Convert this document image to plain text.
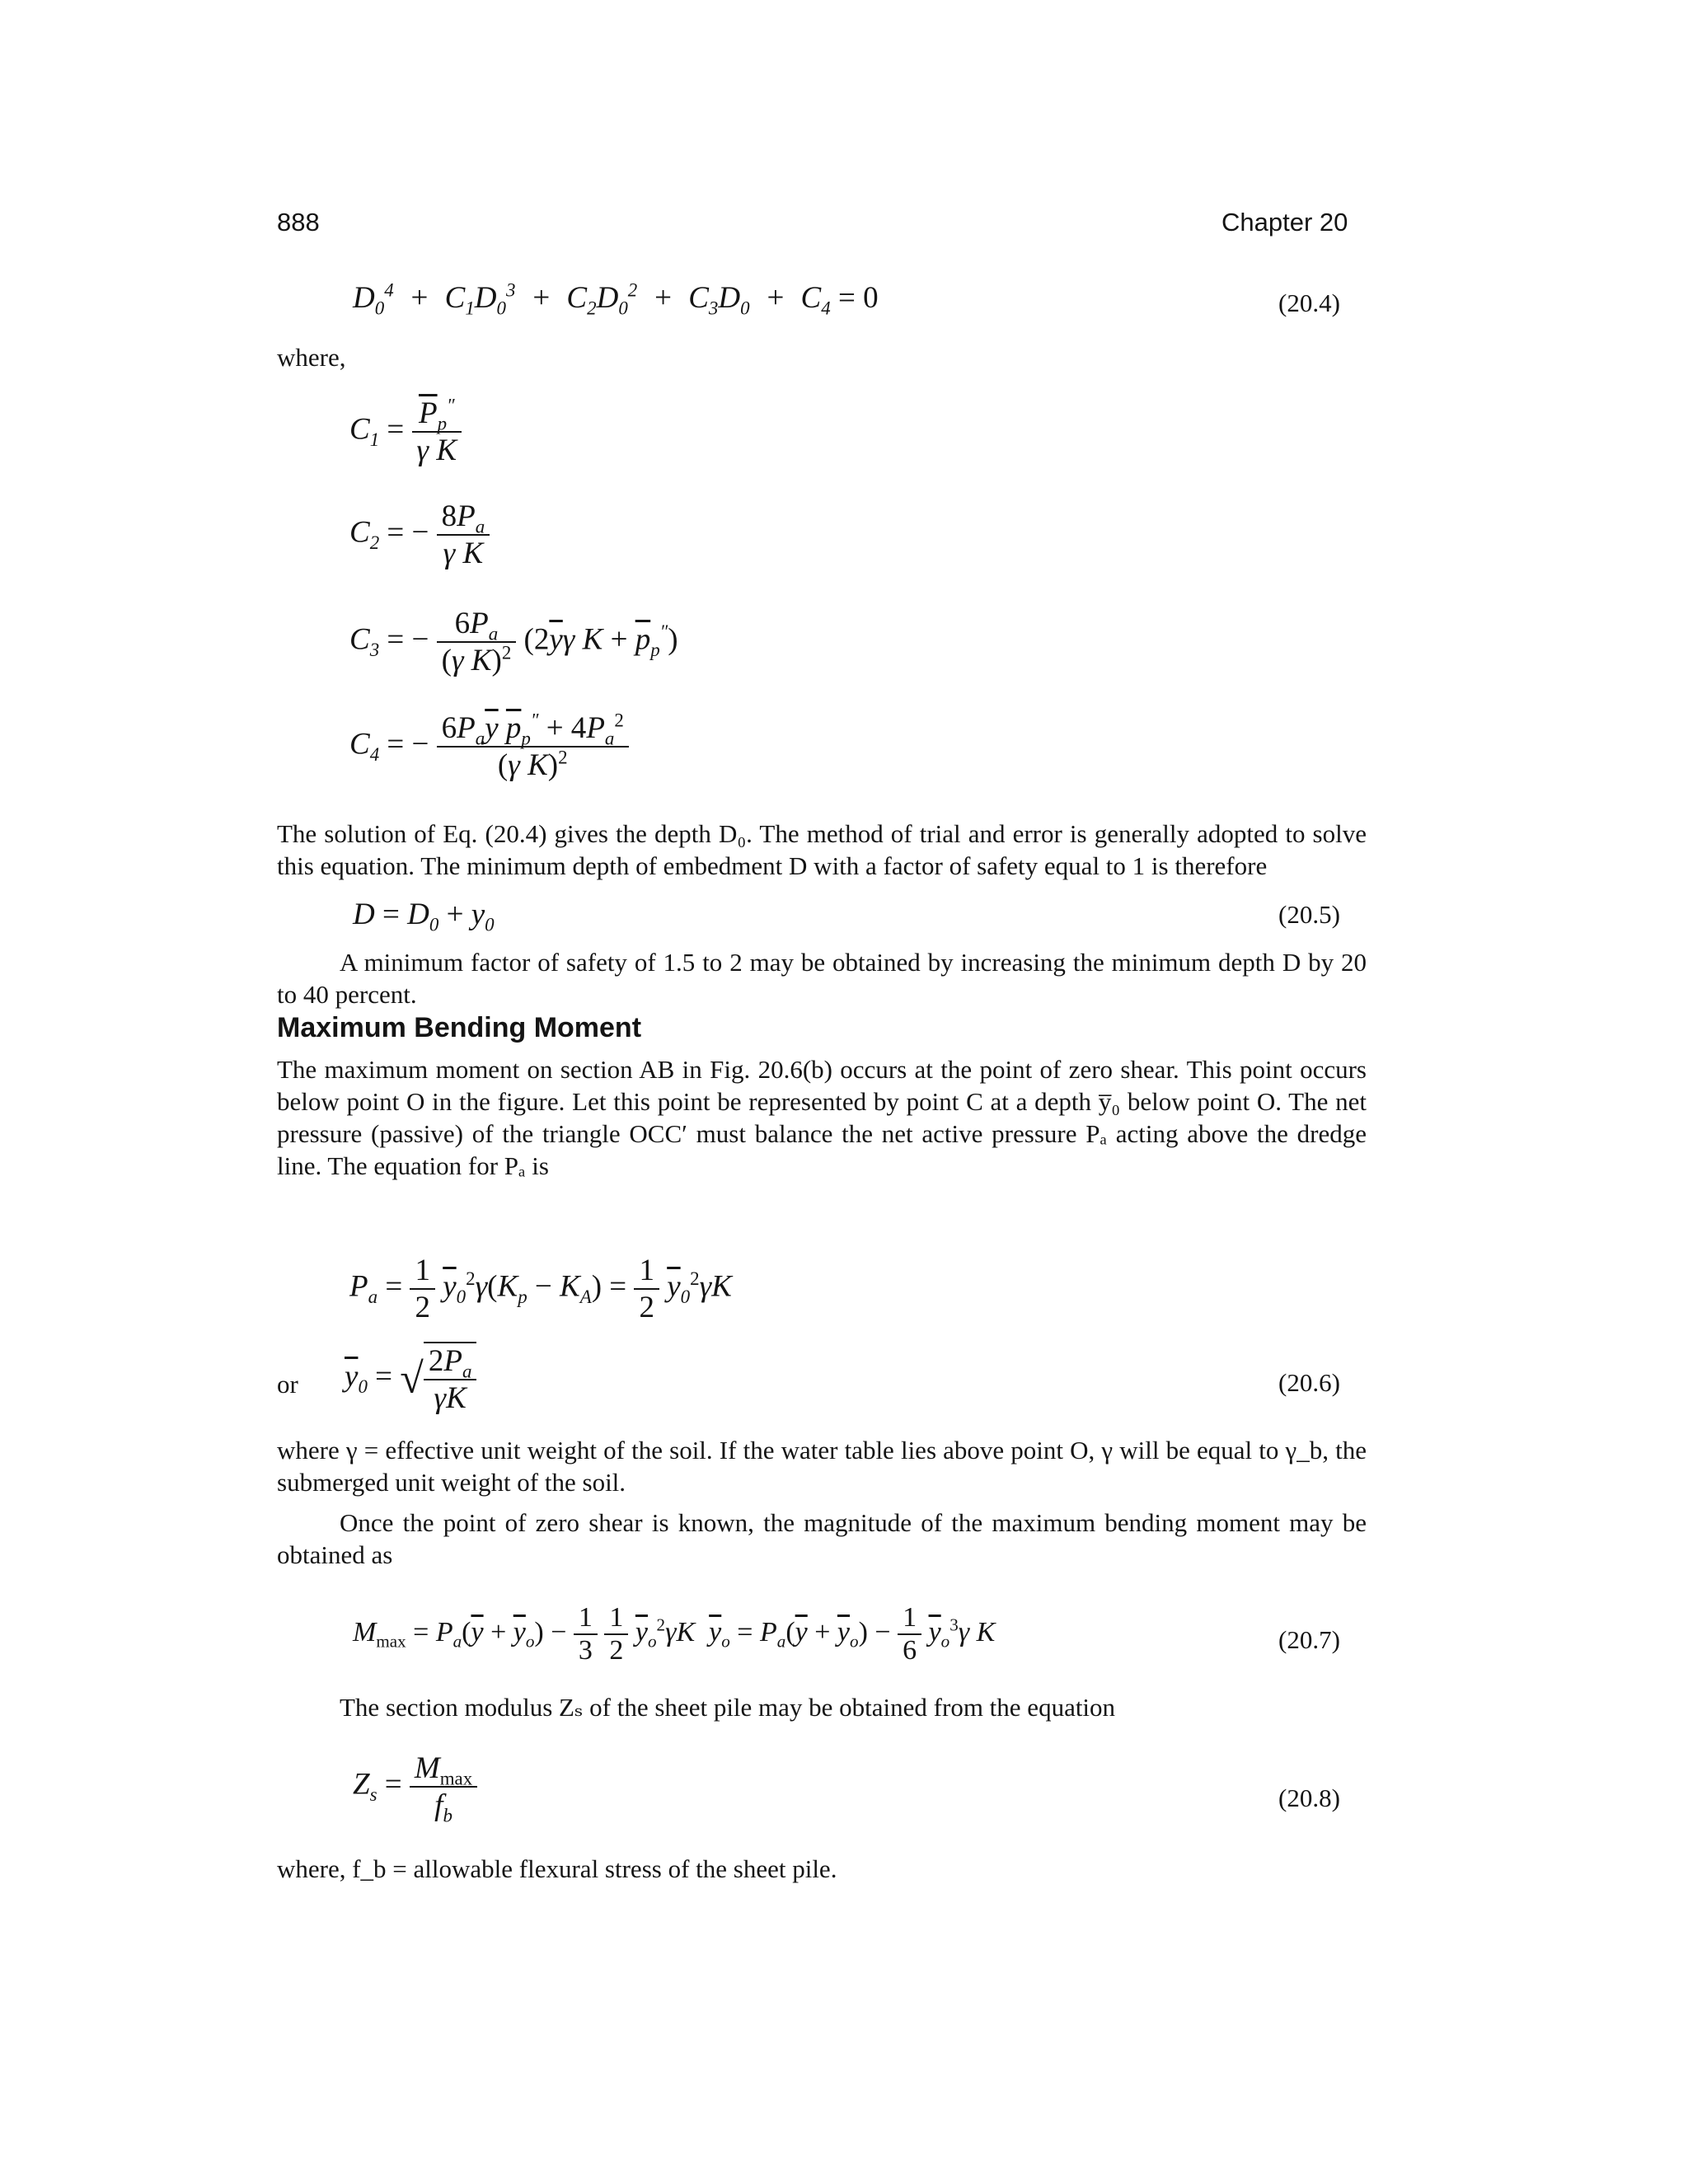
888	Chapter 20
$D_0^4 + C_1D_0^3 + C_2D_0^2 + C_3D_0 + C_4 = 0$	(20.4)
where,
$C_1 = \frac{\overline{P}_p''}{\text{γ K}}$
$C_2$ = − $\frac{8P_a}{\text{γ K}}$
$C_3$ = − $\frac{6P_a}{(\gamma K)^2} (2\overline{y}\gamma$ $K + \overline{p}_p''$)
$C_4$ = − $\frac{6P_a\overline{y} \overline{p}_p'' + 4P_a^2}{(\gamma K)^2}$
The solution of Eq. (20.4) gives the depth D₀. The method of trial and error is generally adopted to solve this equation. The minimum depth of embedment D with a factor of safety equal to 1 is therefore
$D = D_0 + y_0$	(20.5)
A minimum factor of safety of 1.5 to 2 may be obtained by increasing the minimum depth D by 20 to 40 percent.
Maximum Bending Moment
The maximum moment on section AB in Fig. 20.6(b) occurs at the point of zero shear. This point occurs below point O in the figure. Let this point be represented by point C at a depth y̅₀ below point O. The net pressure (passive) of the triangle OCC′ must balance the net active pressure Pₐ acting above the dredge line. The equation for Pₐ is
$P_a = \frac{1}{2} \overline{y}_0^2\gamma(K_p - K_A) = \frac{1}{2} \overline{y}_0^2\gamma K$
or $\overline{y}_0$ = √ $\frac{2P_a}{\gamma K}$	(20.6)
where γ = effective unit weight of the soil. If the water table lies above point O, γ will be equal to γ_b, the submerged unit weight of the soil.
Once the point of zero shear is known, the magnitude of the maximum bending moment may be obtained as
$M_{max} = P_a(\overline{y} + \overline{y}_o) - \frac{1}{3}$
$\frac{1}{2} \overline{y}_o^2\gamma K$  $\overline{y}_o = P_a(\overline{y} + \overline{y}_o) - \frac{1}{6} \overline{y}_o^3\gamma$ K	(20.7)
The section modulus Zₛ of the sheet pile may be obtained from the equation
$Z_s = \frac{M_{max}}{f_b}$	(20.8)
where, f_b = allowable flexural stress of the sheet pile.
